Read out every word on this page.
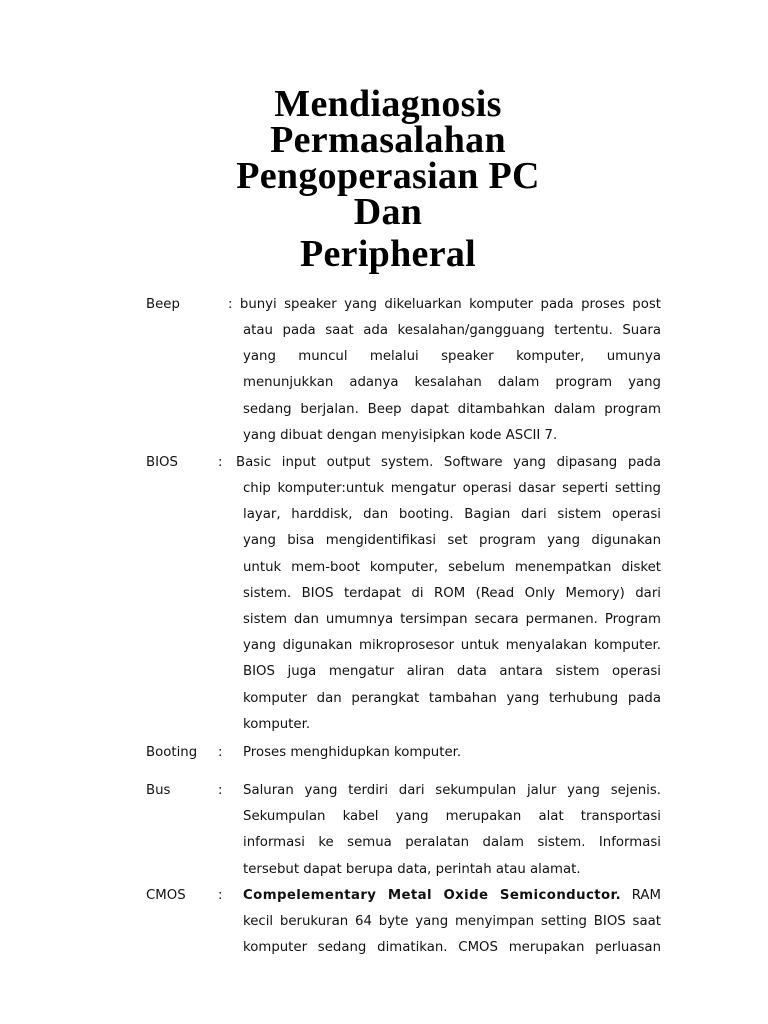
Mendiagnosis
Permasalahan
Pengoperasian PC
Dan
Peripheral
Beep	: bunyi speaker yang dikeluarkan komputer pada proses post
atau pada saat ada kesalahan/gangguang tertentu. Suara
yang muncul melalui speaker komputer, umunya
menunjukkan adanya kesalahan dalam program yang
sedang berjalan. Beep dapat ditambahkan dalam program
yang dibuat dengan menyisipkan kode ASCII 7.
BIOS	: Basic input output system. Software yang dipasang pada
chip komputer:untuk mengatur operasi dasar seperti setting
layar, harddisk, dan booting. Bagian dari sistem operasi
yang bisa mengidentifikasi set program yang digunakan
untuk mem-boot komputer, sebelum menempatkan disket
sistem. BIOS terdapat di ROM (Read Only Memory) dari
sistem dan umumnya tersimpan secara permanen. Program
yang digunakan mikroprosesor untuk menyalakan komputer.
BIOS juga mengatur aliran data antara sistem operasi
komputer dan perangkat tambahan yang terhubung pada
komputer.
Booting : Proses menghidupkan komputer.
Bus	: Saluran yang terdiri dari sekumpulan jalur yang sejenis.
Sekumpulan kabel yang merupakan alat transportasi
informasi ke semua peralatan dalam sistem. Informasi
tersebut dapat berupa data, perintah atau alamat.
CMOS : Compelementary Metal Oxide Semiconductor. RAM
kecil berukuran 64 byte yang menyimpan setting BIOS saat
komputer sedang dimatikan. CMOS merupakan perluasan
